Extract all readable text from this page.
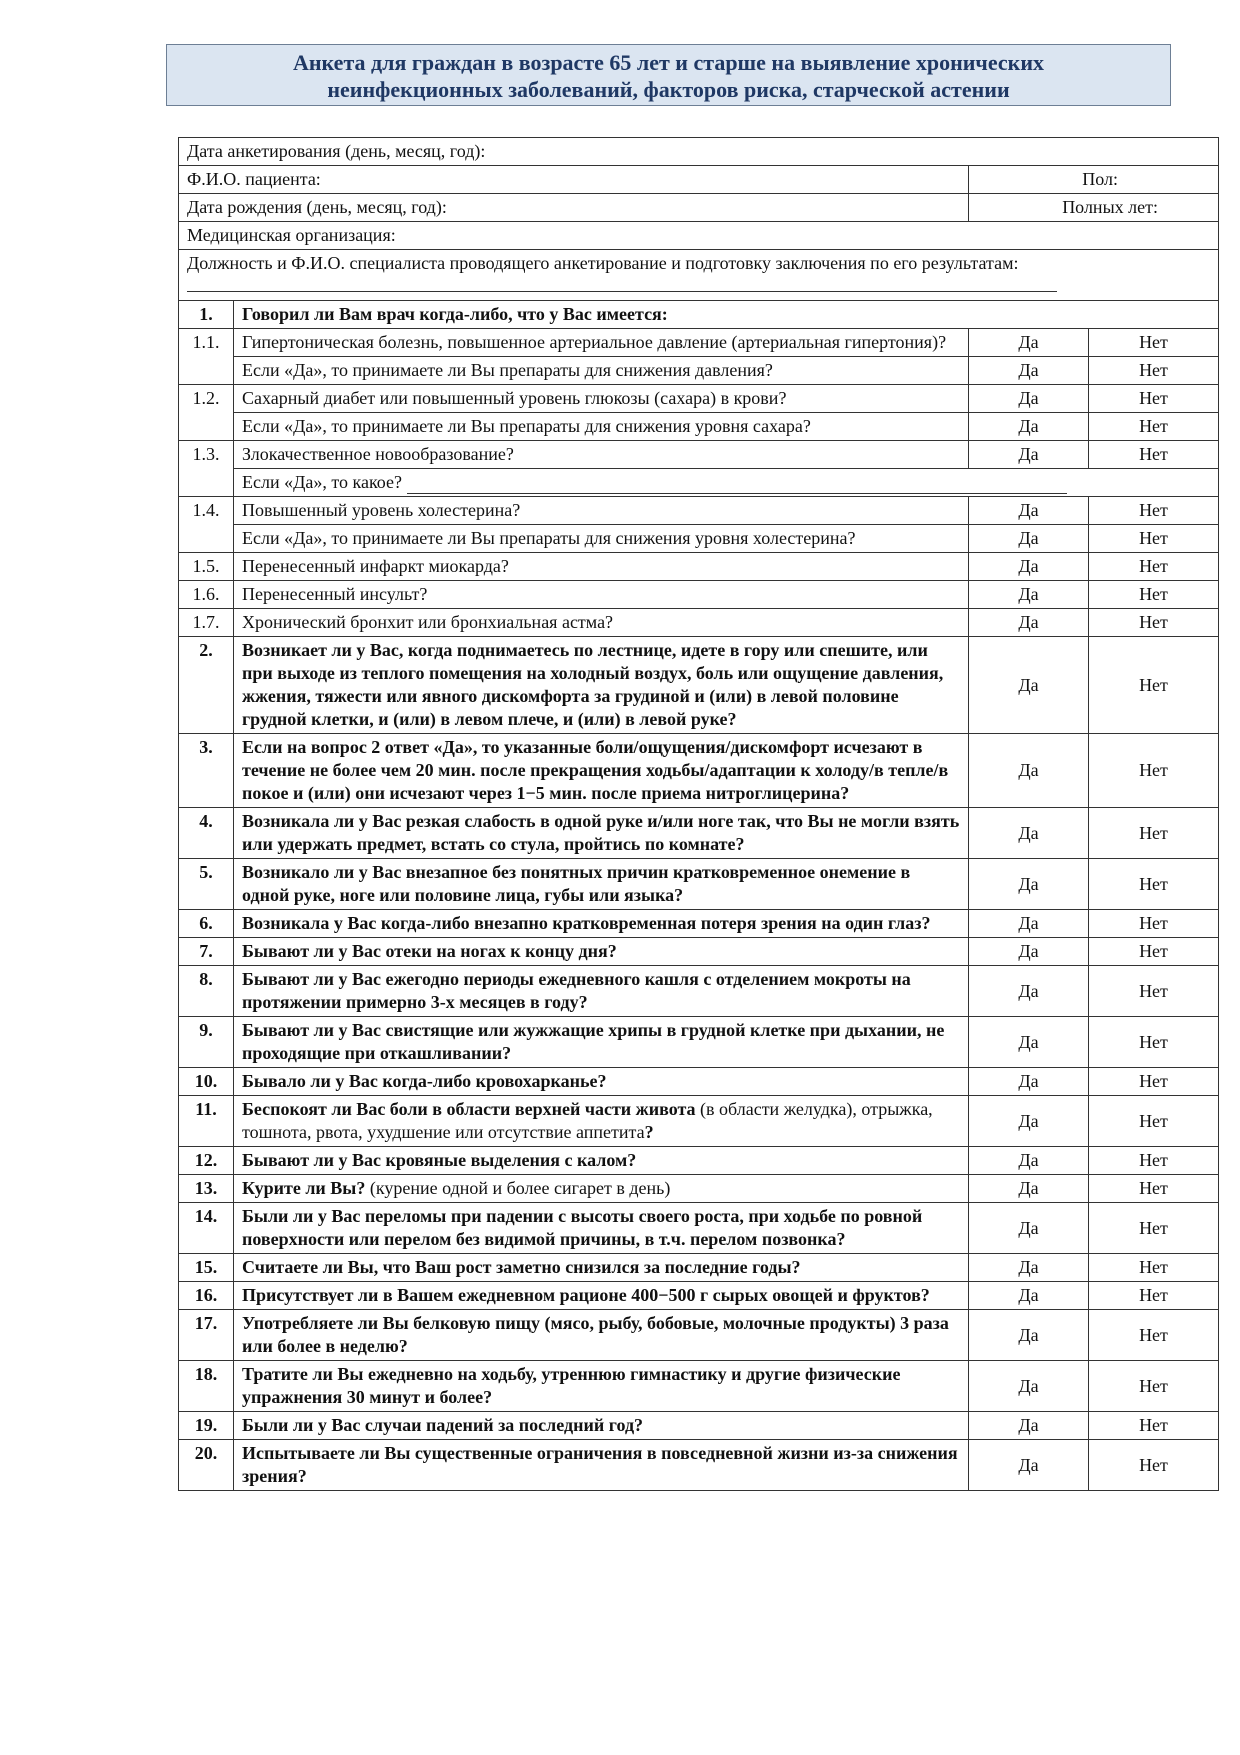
Анкета для граждан в возрасте 65 лет и старше на выявление хронических
неинфекционных заболеваний, факторов риска, старческой астении
Дата анкетирования (день, месяц, год):			
Ф.И.О. пациента:		Пол:	
Дата рождения (день, месяц, год):		Полных лет:	
Медицинская организация:			

Должность и Ф.И.О. специалиста проводящего анкетирование и подготовку заключения по его результатам:			

1.	Говорил ли Вам врач когда-либо, что у Вас имеется:		
1.1.	Гипертоническая болезнь, повышенное артериальное давление (артериальная гипертония)?	Да	Нет
	Если «Да», то принимаете ли Вы препараты для снижения давления?	Да	Нет
1.2.	Сахарный диабет или повышенный уровень глюкозы (сахара) в крови?	Да	Нет
	Если «Да», то принимаете ли Вы препараты для снижения уровня сахара?	Да	Нет
1.3.	Злокачественное новообразование?	Да	Нет
	Если «Да», то какое?		
1.4.	Повышенный уровень холестерина?	Да	Нет
	Если «Да», то принимаете ли Вы препараты для снижения уровня холестерина?	Да	Нет
1.5.	Перенесенный инфаркт миокарда?	Да	Нет
1.6.	Перенесенный инсульт?	Да	Нет
1.7.	Хронический бронхит или бронхиальная астма?	Да	Нет
2.	Возникает ли у Вас, когда поднимаетесь по лестнице, идете в гору или спешите, или при выходе из теплого помещения на холодный воздух, боль или ощущение давления, жжения, тяжести или явного дискомфорта за грудиной и (или) в левой половине грудной клетки, и (или) в левом плече, и (или) в левой руке?	Да	Нет
3.	Если на вопрос 2 ответ «Да», то указанные боли/ощущения/дискомфорт исчезают в течение не более чем 20 мин. после прекращения ходьбы/адаптации к холоду/в тепле/в покое и (или) они исчезают через 1−5 мин. после приема нитроглицерина?	Да	Нет
4.	Возникала ли у Вас резкая слабость в одной руке и/или ноге так, что Вы не могли взять или удержать предмет, встать со стула, пройтись по комнате?	Да	Нет
5.	Возникало ли у Вас внезапное без понятных причин кратковременное онемение в одной руке, ноге или половине лица, губы или языка?	Да	Нет
6.	Возникала у Вас когда-либо внезапно кратковременная потеря зрения на один глаз?	Да	Нет
7.	Бывают ли у Вас отеки на ногах к концу дня?	Да	Нет
8.	Бывают ли у Вас ежегодно периоды ежедневного кашля с отделением мокроты на протяжении примерно 3-х месяцев в году?	Да	Нет
9.	Бывают ли у Вас свистящие или жужжащие хрипы в грудной клетке при дыхании, не проходящие при откашливании?	Да	Нет
10.	Бывало ли у Вас когда-либо кровохарканье?	Да	Нет
11.	Беспокоят ли Вас боли в области верхней части живота (в области желудка), отрыжка, тошнота, рвота, ухудшение или отсутствие аппетита?	Да	Нет
12.	Бывают ли у Вас кровяные выделения с калом?	Да	Нет
13.	Курите ли Вы? (курение одной и более сигарет в день)	Да	Нет
14.	Были ли у Вас переломы при падении с высоты своего роста, при ходьбе по ровной поверхности или перелом без видимой причины, в т.ч. перелом позвонка?	Да	Нет
15.	Считаете ли Вы, что Ваш рост заметно снизился за последние годы?	Да	Нет
16.	Присутствует ли в Вашем ежедневном рационе 400−500 г сырых овощей и фруктов?	Да	Нет
17.	Употребляете ли Вы белковую пищу (мясо, рыбу, бобовые, молочные продукты) 3 раза или более в неделю?	Да	Нет
18.	Тратите ли Вы ежедневно на ходьбу, утреннюю гимнастику и другие физические упражнения 30 минут и более?	Да	Нет
19.	Были ли у Вас случаи падений за последний год?	Да	Нет
20.	Испытываете ли Вы существенные ограничения в повседневной жизни из-за снижения зрения?	Да	Нет
